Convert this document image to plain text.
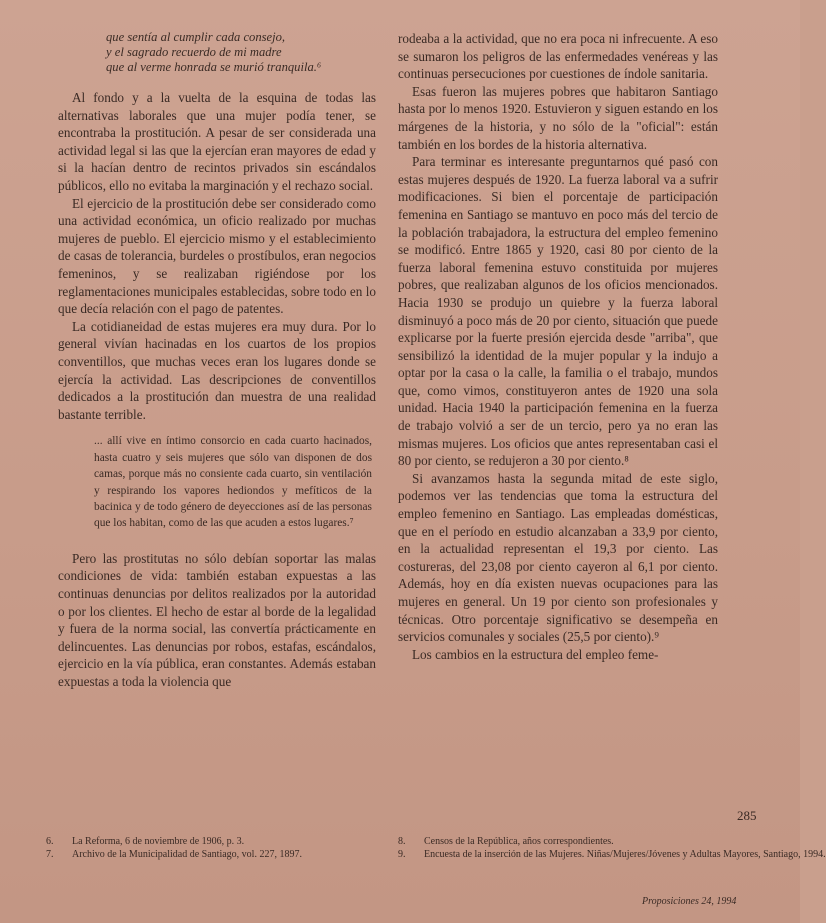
que sentía al cumplir cada consejo,
y el sagrado recuerdo de mi madre
que al verme honrada se murió tranquila.⁶

Al fondo y a la vuelta de la esquina de todas las alternativas laborales que una mujer podía tener, se encontraba la prostitución. A pesar de ser considerada una actividad legal si las que la ejercían eran mayores de edad y si la hacían dentro de recintos privados sin escándalos públicos, ello no evitaba la marginación y el rechazo social.

El ejercicio de la prostitución debe ser considerado como una actividad económica, un oficio realizado por muchas mujeres de pueblo. El ejercicio mismo y el establecimiento de casas de tolerancia, burdeles o prostíbulos, eran negocios femeninos, y se realizaban rigiéndose por los reglamentaciones municipales establecidas, sobre todo en lo que decía relación con el pago de patentes.

La cotidianeidad de estas mujeres era muy dura. Por lo general vivían hacinadas en los cuartos de los propios conventillos, que muchas veces eran los lugares donde se ejercía la actividad. Las descripciones de conventillos dedicados a la prostitución dan muestra de una realidad bastante terrible.

... allí vive en íntimo consorcio en cada cuarto hacinados, hasta cuatro y seis mujeres que sólo van disponen de dos camas, porque más no consiente cada cuarto, sin ventilación y respirando los vapores hediondos y mefíticos de la bacinica y de todo género de deyecciones así de las personas que los habitan, como de las que acuden a estos lugares.⁷

Pero las prostitutas no sólo debían soportar las malas condiciones de vida: también estaban expuestas a las continuas denuncias por delitos realizados por la autoridad o por los clientes. El hecho de estar al borde de la legalidad y fuera de la norma social, las convertía prácticamente en delincuentes. Las denuncias por robos, estafas, escándalos, ejercicio en la vía pública, eran constantes. Además estaban expuestas a toda la violencia que

rodeaba a la actividad, que no era poca ni infrecuente. A eso se sumaron los peligros de las enfermedades venéreas y las continuas persecuciones por cuestiones de índole sanitaria.

Esas fueron las mujeres pobres que habitaron Santiago hasta por lo menos 1920. Estuvieron y siguen estando en los márgenes de la historia, y no sólo de la "oficial": están también en los bordes de la historia alternativa.

Para terminar es interesante preguntarnos qué pasó con estas mujeres después de 1920. La fuerza laboral va a sufrir modificaciones. Si bien el porcentaje de participación femenina en Santiago se mantuvo en poco más del tercio de la población trabajadora, la estructura del empleo femenino se modificó. Entre 1865 y 1920, casi 80 por ciento de la fuerza laboral femenina estuvo constituida por mujeres pobres, que realizaban algunos de los oficios mencionados. Hacia 1930 se produjo un quiebre y la fuerza laboral disminuyó a poco más de 20 por ciento, situación que puede explicarse por la fuerte presión ejercida desde "arriba", que sensibilizó la identidad de la mujer popular y la indujo a optar por la casa o la calle, la familia o el trabajo, mundos que, como vimos, constituyeron antes de 1920 una sola unidad. Hacia 1940 la participación femenina en la fuerza de trabajo volvió a ser de un tercio, pero ya no eran las mismas mujeres. Los oficios que antes representaban casi el 80 por ciento, se redujeron a 30 por ciento.⁸

Si avanzamos hasta la segunda mitad de este siglo, podemos ver las tendencias que toma la estructura del empleo femenino en Santiago. Las empleadas domésticas, que en el período en estudio alcanzaban a 33,9 por ciento, en la actualidad representan el 19,3 por ciento. Las costureras, del 23,08 por ciento cayeron al 6,1 por ciento. Además, hoy en día existen nuevas ocupaciones para las mujeres en general. Un 19 por ciento son profesionales y técnicas. Otro porcentaje significativo se desempeña en servicios comunales y sociales (25,5 por ciento).⁹

Los cambios en la estructura del empleo feme-

6. La Reforma, 6 de noviembre de 1906, p. 3.
7. Archivo de la Municipalidad de Santiago, vol. 227, 1897.
8. Censos de la República, años correspondientes.
9. Encuesta de la inserción de las Mujeres. Niñas/Mujeres/Jóvenes y Adultas Mayores, Santiago, 1994.
285
Proposiciones 24, 1994
